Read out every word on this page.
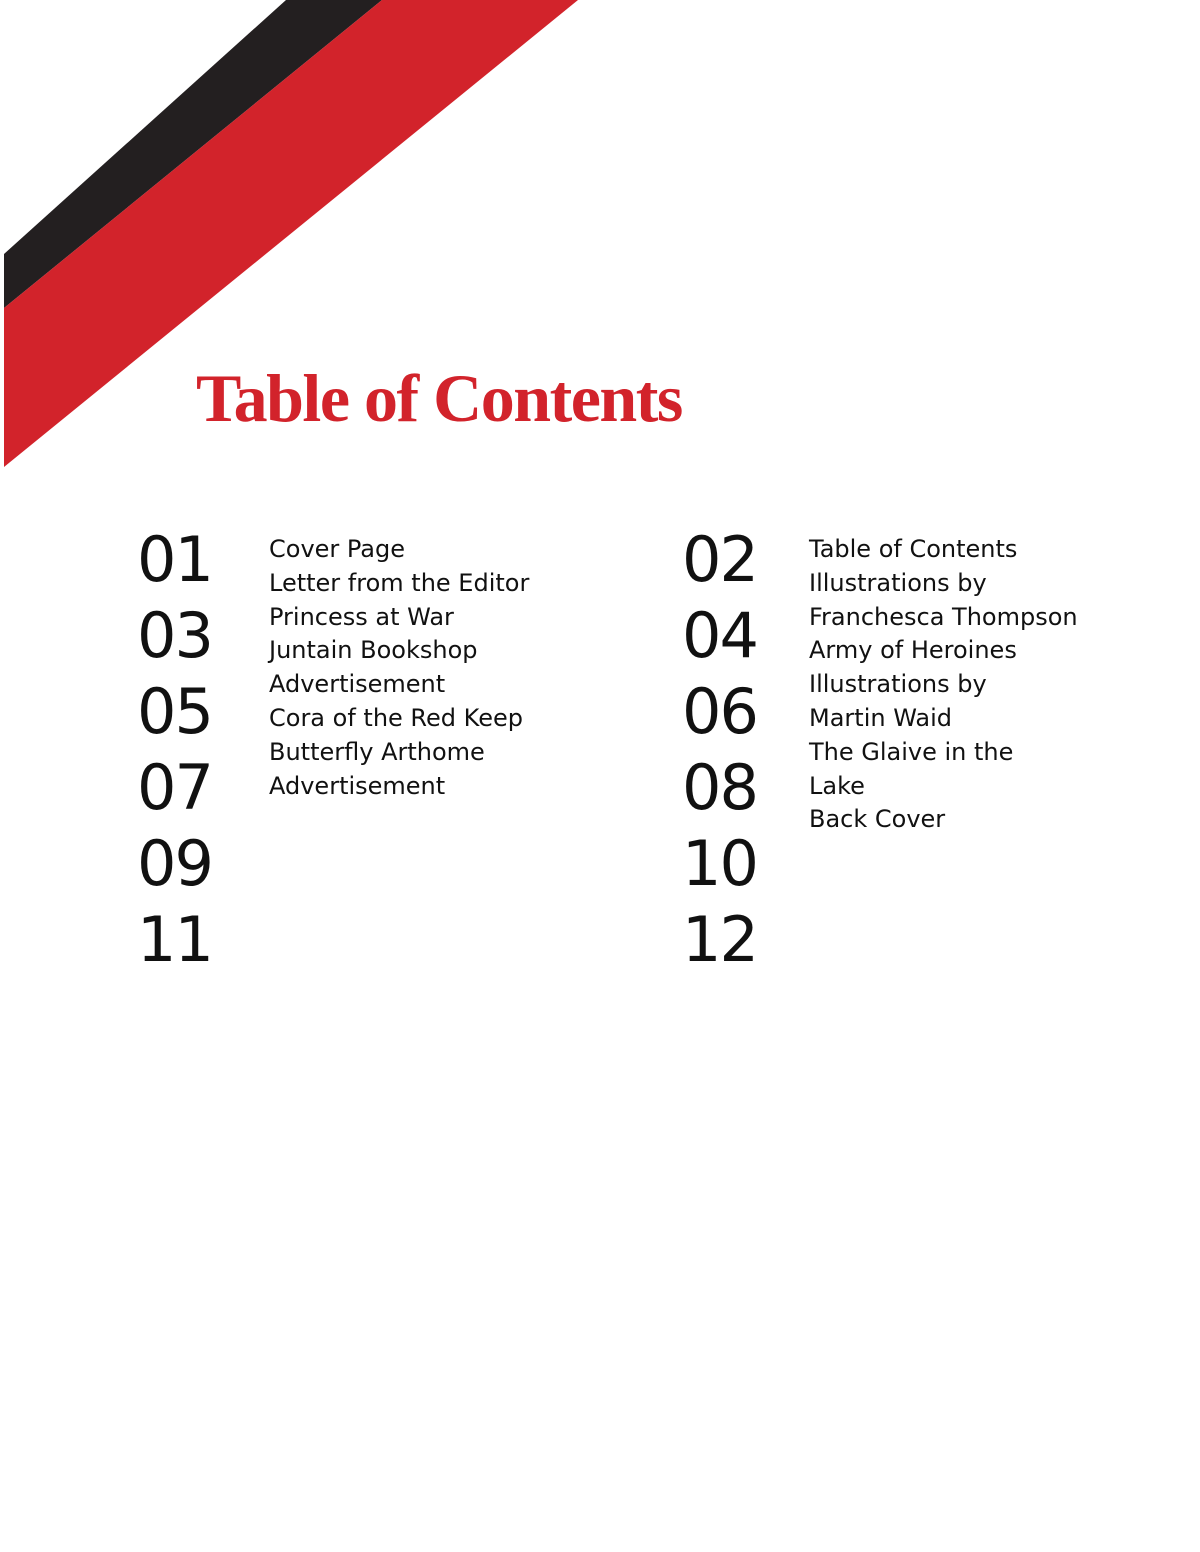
Table of Contents
01
03
05
07
09
11
Cover Page
Letter from the Editor
Princess at War
Juntain Bookshop
Advertisement
Cora of the Red Keep
Butterfly Arthome
Advertisement
02
04
06
08
10
12
Table of Contents
Illustrations by
Franchesca Thompson
Army of Heroines
Illustrations by
Martin Waid
The Glaive in the
Lake
Back Cover
